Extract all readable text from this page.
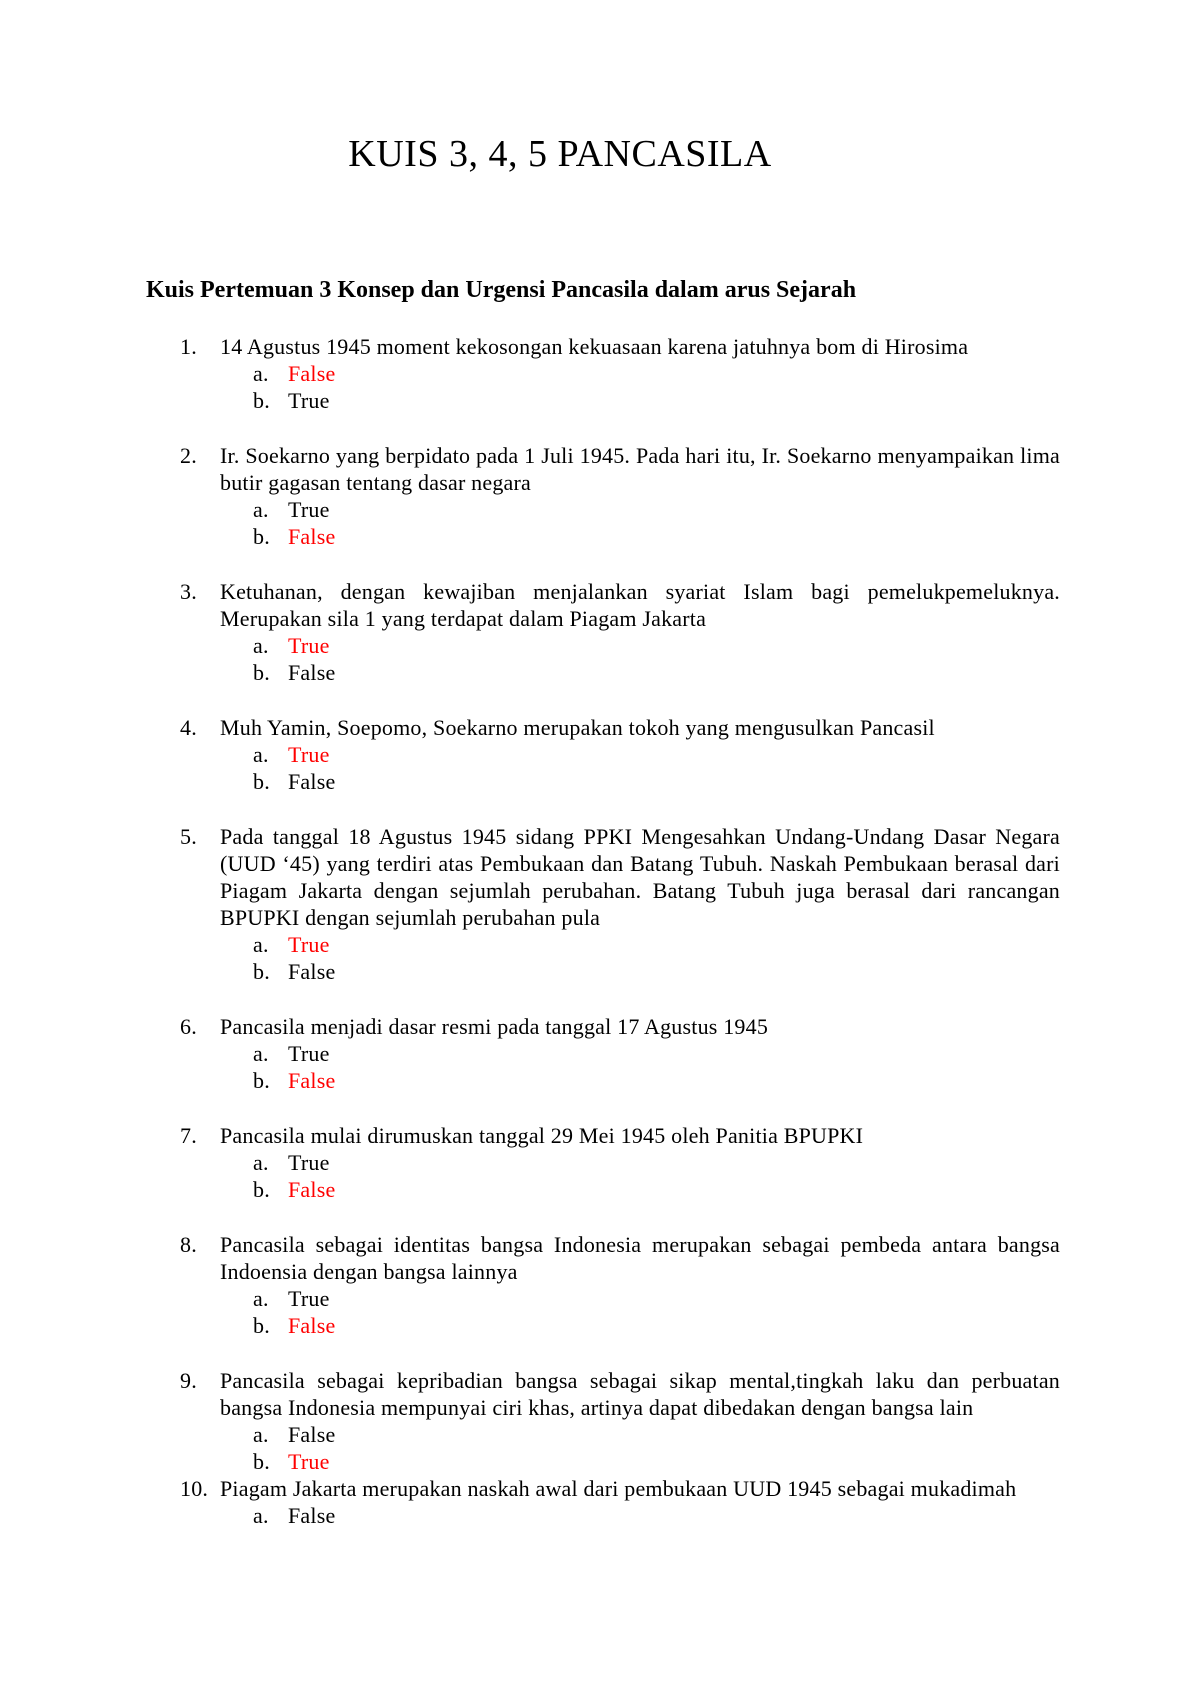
KUIS 3, 4, 5 PANCASILA
Kuis Pertemuan 3 Konsep dan Urgensi Pancasila dalam arus Sejarah
1.	14 Agustus 1945 moment kekosongan kekuasaan karena jatuhnya bom di Hirosima

a. False
b. True
2.	Ir. Soekarno yang berpidato pada 1 Juli 1945. Pada hari itu, Ir. Soekarno menyampaikan lima butir gagasan tentang dasar negara

a. True
b. False
3.	Ketuhanan, dengan kewajiban menjalankan syariat Islam bagi pemelukpemeluknya. Merupakan sila 1 yang terdapat dalam Piagam Jakarta

a. True
b. False
4.	Muh Yamin, Soepomo, Soekarno merupakan tokoh yang mengusulkan Pancasil

a. True
b. False
5.	Pada tanggal 18 Agustus 1945 sidang PPKI Mengesahkan Undang-Undang Dasar Negara (UUD ‘45) yang terdiri atas Pembukaan dan Batang Tubuh. Naskah Pembukaan berasal dari Piagam Jakarta dengan sejumlah perubahan. Batang Tubuh juga berasal dari rancangan BPUPKI dengan sejumlah perubahan pula

a. True
b. False
6.	Pancasila menjadi dasar resmi pada tanggal 17 Agustus 1945

a. True
b. False
7.	Pancasila mulai dirumuskan tanggal 29 Mei 1945 oleh Panitia BPUPKI

a. True
b. False
8.	Pancasila sebagai identitas bangsa Indonesia merupakan sebagai pembeda antara bangsa Indoensia dengan bangsa lainnya

a. True
b. False
9.	Pancasila sebagai kepribadian bangsa sebagai sikap mental,tingkah laku dan perbuatan bangsa Indonesia mempunyai ciri khas, artinya dapat dibedakan dengan bangsa lain

a. False
b. True
10. Piagam Jakarta merupakan naskah awal dari pembukaan UUD 1945 sebagai mukadimah

a. False
